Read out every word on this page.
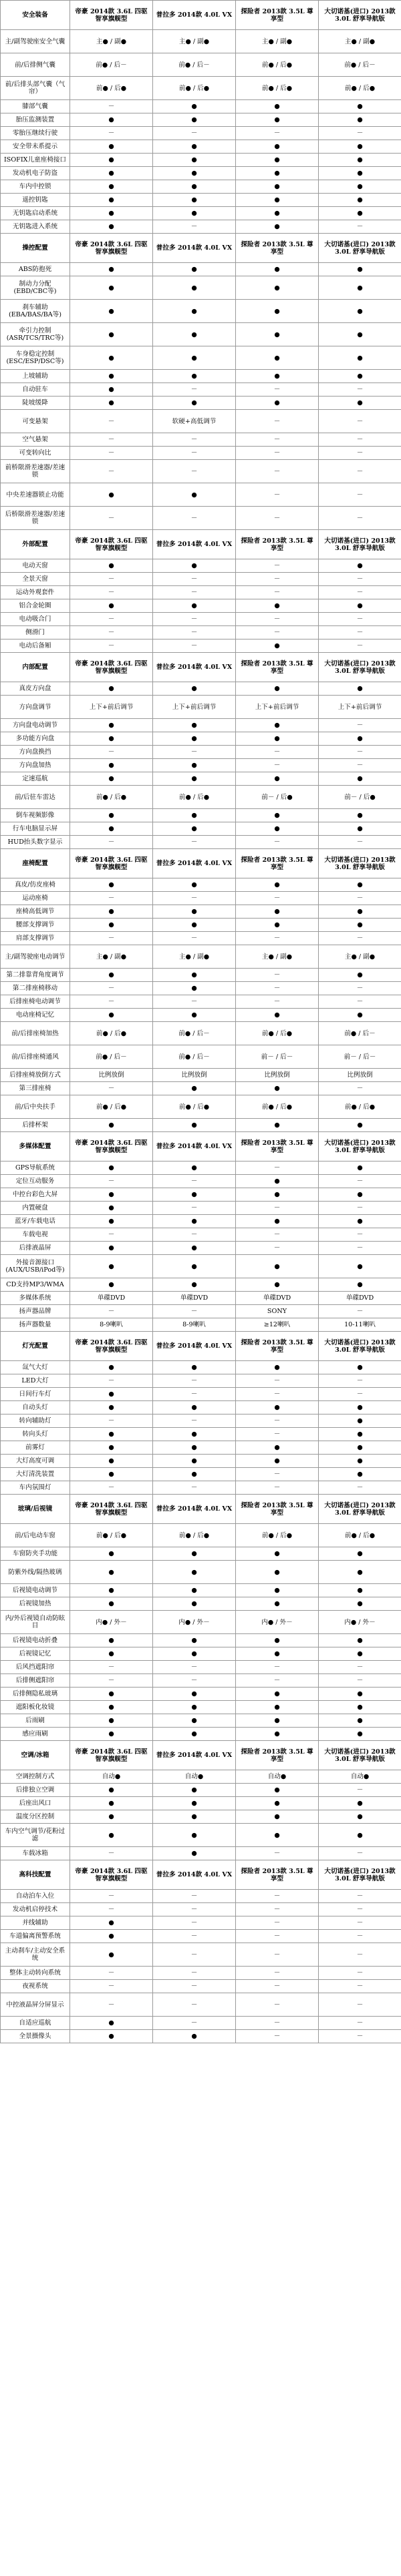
安全装备	帝豪 2014款 3.6L 四驱智享旗舰型	普拉多 2014款 4.0L VX	探险者 2013款 3.5L 尊享型	大切诺基(进口) 2013款 3.0L 舒享导航版
主/副驾驶座安全气囊	主● / 副●	主● / 副●	主● / 副●	主● / 副●
前/后排侧气囊	前● / 后－	前● / 后－	前● / 后●	前● / 后－
前/后排头部气囊（气帘）	前● / 后●	前● / 后●	前● / 后●	前● / 后●
膝部气囊	－	●	●	●
胎压监测装置	●	●	●	●
零胎压继续行驶	－	－	－	－
安全带未系提示	●	●	●	●
ISOFIX儿童座椅接口	●	●	●	●
发动机电子防盗	●	●	●	●
车内中控锁	●	●	●	●
遥控钥匙	●	●	●	●
无钥匙启动系统	●	●	●	●
无钥匙进入系统	●	－	●	－
操控配置	帝豪 2014款 3.6L 四驱智享旗舰型	普拉多 2014款 4.0L VX	探险者 2013款 3.5L 尊享型	大切诺基(进口) 2013款 3.0L 舒享导航版
ABS防抱死	●	●	●	●
制动力分配(EBD/CBC等)	●	●	●	●
刹车辅助(EBA/BAS/BA等)	●	●	●	●
牵引力控制(ASR/TCS/TRC等)	●	●	●	●
车身稳定控制(ESC/ESP/DSC等)	●	●	●	●
上坡辅助	●	●	●	●
自动驻车	●	－	－	－
陡坡缓降	●	●	●	●
可变悬架	－	软硬+高低调节	－	－
空气悬架	－	－	－	－
可变转向比	－	－	－	－
前桥限滑差速器/差速锁	－	－	－	－
中央差速器锁止功能	●	●	－	－
后桥限滑差速器/差速锁	－	－	－	－
外部配置	帝豪 2014款 3.6L 四驱智享旗舰型	普拉多 2014款 4.0L VX	探险者 2013款 3.5L 尊享型	大切诺基(进口) 2013款 3.0L 舒享导航版
电动天窗	●	●	－	●
全景天窗	－	－	－	－
运动外观套件	－	－	－	－
铝合金轮圈	●	●	●	●
电动吸合门	－	－	－	－
侧滑门	－	－	－	－
电动后备厢	－	－	●	－
内部配置	帝豪 2014款 3.6L 四驱智享旗舰型	普拉多 2014款 4.0L VX	探险者 2013款 3.5L 尊享型	大切诺基(进口) 2013款 3.0L 舒享导航版
真皮方向盘	●	●	●	●
方向盘调节	上下+前后调节	上下+前后调节	上下+前后调节	上下+前后调节
方向盘电动调节	●	●	●	－
多功能方向盘	●	●	●	●
方向盘换挡	－	－	－	－
方向盘加热	●	●	－	－
定速巡航	●	●	●	●
前/后驻车雷达	前● / 后●	前● / 后●	前－ / 后●	前－ / 后●
倒车视频影像	●	●	●	●
行车电脑显示屏	●	●	●	●
HUD抬头数字显示	－	－	－	－
座椅配置	帝豪 2014款 3.6L 四驱智享旗舰型	普拉多 2014款 4.0L VX	探险者 2013款 3.5L 尊享型	大切诺基(进口) 2013款 3.0L 舒享导航版
真皮/仿皮座椅	●	●	●	●
运动座椅	－	－	－	－
座椅高低调节	●	●	●	●
腰部支撑调节	●	●	●	●
肩部支撑调节	－	－	－	－
主/副驾驶座电动调节	主● / 副●	主● / 副●	主● / 副●	主● / 副●
第二排靠背角度调节	●	●	－	●
第二排座椅移动	－	●	－	－
后排座椅电动调节	－	－	－	－
电动座椅记忆	●	●	●	●
前/后排座椅加热	前● / 后●	前● / 后－	前● / 后●	前● / 后－
前/后排座椅通风	前● / 后－	前● / 后－	前－ / 后－	前－ / 后－
后排座椅放倒方式	比例放倒	比例放倒	比例放倒	比例放倒
第三排座椅	－	●	●	－
前/后中央扶手	前● / 后●	前● / 后●	前● / 后●	前● / 后●
后排杯架	●	●	●	●
多媒体配置	帝豪 2014款 3.6L 四驱智享旗舰型	普拉多 2014款 4.0L VX	探险者 2013款 3.5L 尊享型	大切诺基(进口) 2013款 3.0L 舒享导航版
GPS导航系统	●	●	－	●
定位互动服务	－	－	●	－
中控台彩色大屏	●	●	●	●
内置硬盘	●	－	－	－
蓝牙/车载电话	●	●	●	●
车载电视	－	－	－	－
后排液晶屏	●	●	－	－
外接音源接口(AUX/USB/iPod等)	●	●	●	●
CD支持MP3/WMA	●	●	●	●
多媒体系统	单碟DVD	单碟DVD	单碟DVD	单碟DVD
扬声器品牌	－	－	SONY	－
扬声器数量	8-9喇叭	8-9喇叭	≥12喇叭	10-11喇叭
灯光配置	帝豪 2014款 3.6L 四驱智享旗舰型	普拉多 2014款 4.0L VX	探险者 2013款 3.5L 尊享型	大切诺基(进口) 2013款 3.0L 舒享导航版
氙气大灯	●	●	●	●
LED大灯	－	－	－	－
日间行车灯	●	－	－	－
自动头灯	●	●	●	●
转向辅助灯	－	－	－	●
转向头灯	●	●	－	●
前雾灯	●	●	●	●
大灯高度可调	●	●	●	●
大灯清洗装置	●	●	－	●
车内氛围灯	－	－	－	－
玻璃/后视镜	帝豪 2014款 3.6L 四驱智享旗舰型	普拉多 2014款 4.0L VX	探险者 2013款 3.5L 尊享型	大切诺基(进口) 2013款 3.0L 舒享导航版
前/后电动车窗	前● / 后●	前● / 后●	前● / 后●	前● / 后●
车窗防夹手功能	●	●	●	●
防紫外线/隔热玻璃	●	●	●	●
后视镜电动调节	●	●	●	●
后视镜加热	●	●	●	●
内/外后视镜自动防眩目	内● / 外－	内● / 外－	内● / 外－	内● / 外－
后视镜电动折叠	●	●	●	●
后视镜记忆	●	●	●	●
后风挡遮阳帘	－	－	－	－
后排侧遮阳帘	－	－	－	－
后排侧隐私玻璃	●	●	●	●
遮阳板化妆镜	●	●	●	●
后雨刷	●	●	●	●
感应雨刷	●	●	●	●
空调/冰箱	帝豪 2014款 3.6L 四驱智享旗舰型	普拉多 2014款 4.0L VX	探险者 2013款 3.5L 尊享型	大切诺基(进口) 2013款 3.0L 舒享导航版
空调控制方式	自动●	自动●	自动●	自动●
后排独立空调	●	●	●	－
后座出风口	●	●	●	●
温度分区控制	●	●	●	●
车内空气调节/花粉过滤	●	●	●	●
车载冰箱	－	●	－	－
高科技配置	帝豪 2014款 3.6L 四驱智享旗舰型	普拉多 2014款 4.0L VX	探险者 2013款 3.5L 尊享型	大切诺基(进口) 2013款 3.0L 舒享导航版
自动泊车入位	－	－	－	－
发动机启停技术	－	－	－	－
并线辅助	●	－	－	－
车道偏离预警系统	●	－	－	－
主动刹车/主动安全系统	●	－	－	－
整体主动转向系统	－	－	－	－
夜视系统	－	－	－	－
中控液晶屏分屏显示	－	－	－	－
自适应巡航	●	－	－	－
全景摄像头	●	●	－	－
